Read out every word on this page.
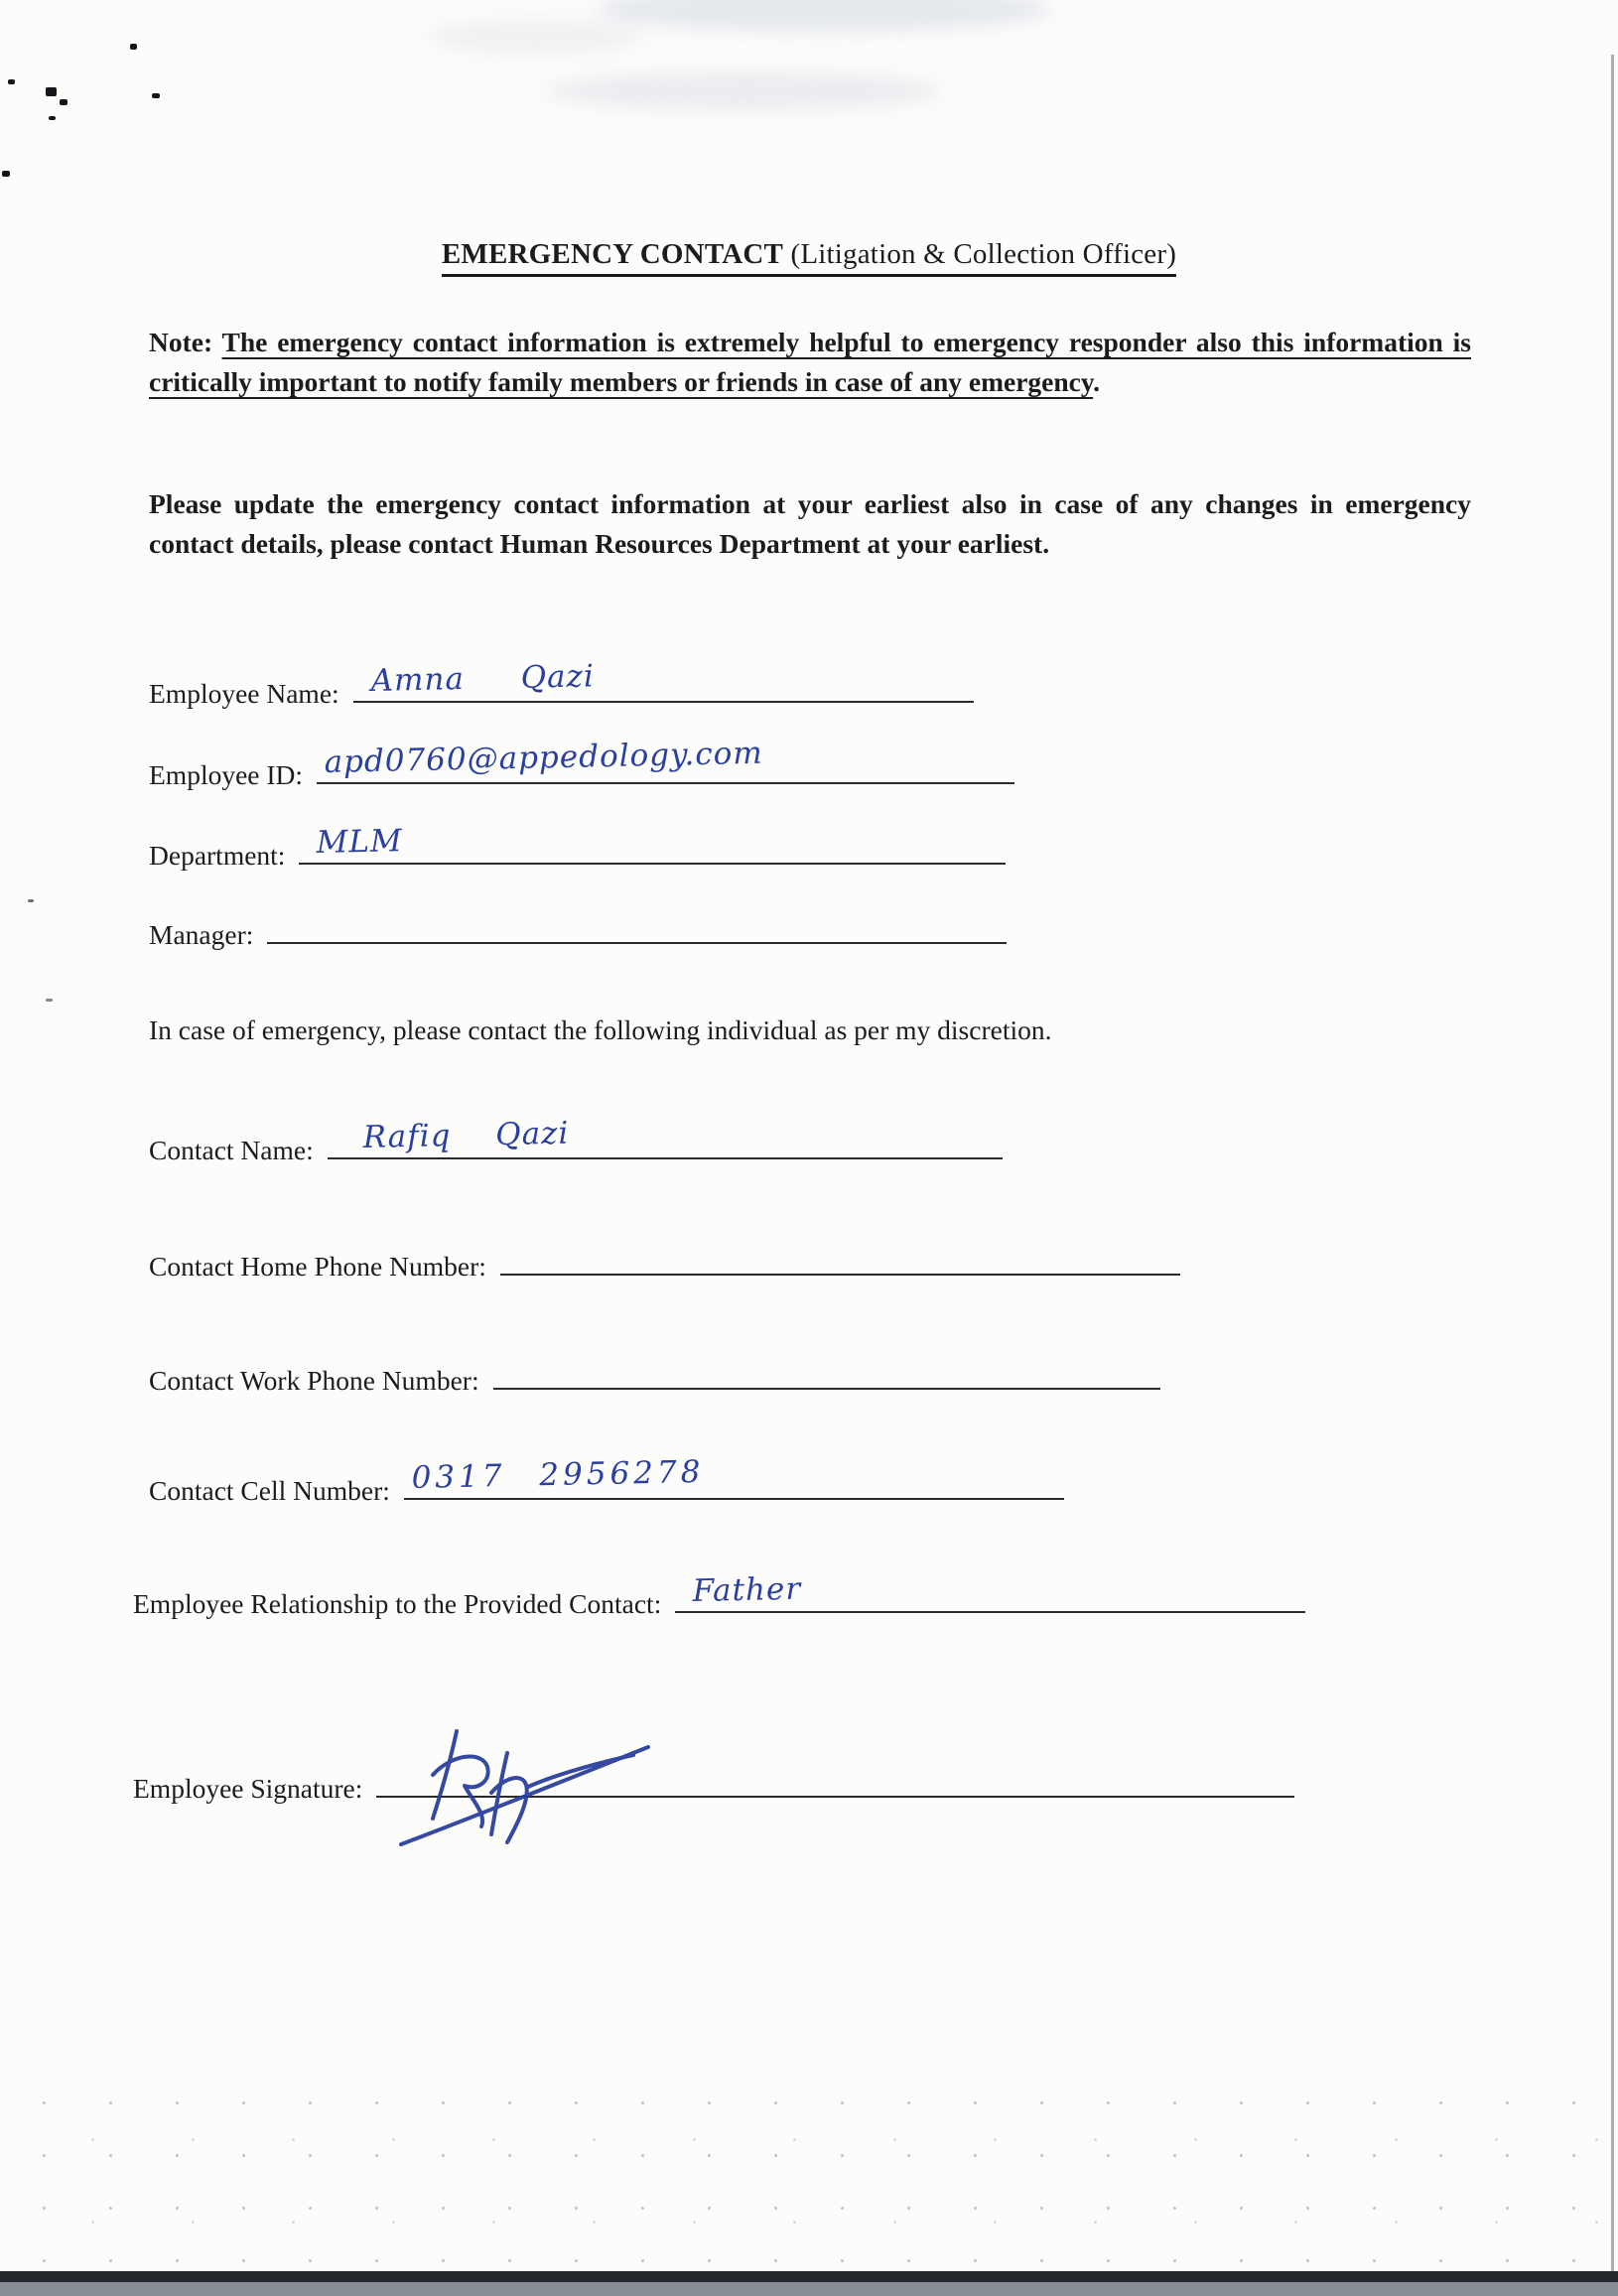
EMERGENCY CONTACT (Litigation & Collection Officer)
Note: The emergency contact information is extremely helpful to emergency responder also this information is critically important to notify family members or friends in case of any emergency.
Please update the emergency contact information at your earliest also in case of any changes in emergency contact details, please contact Human Resources Department at your earliest.
Employee Name: Amna Qazi
Employee ID: apd0760@appedology.com
Department: MLM
Manager:
In case of emergency, please contact the following individual as per my discretion.
Contact Name: Rafiq Qazi
Contact Home Phone Number:
Contact Work Phone Number:
Contact Cell Number: 0317 2956278
Employee Relationship to the Provided Contact: Father
Employee Signature:
